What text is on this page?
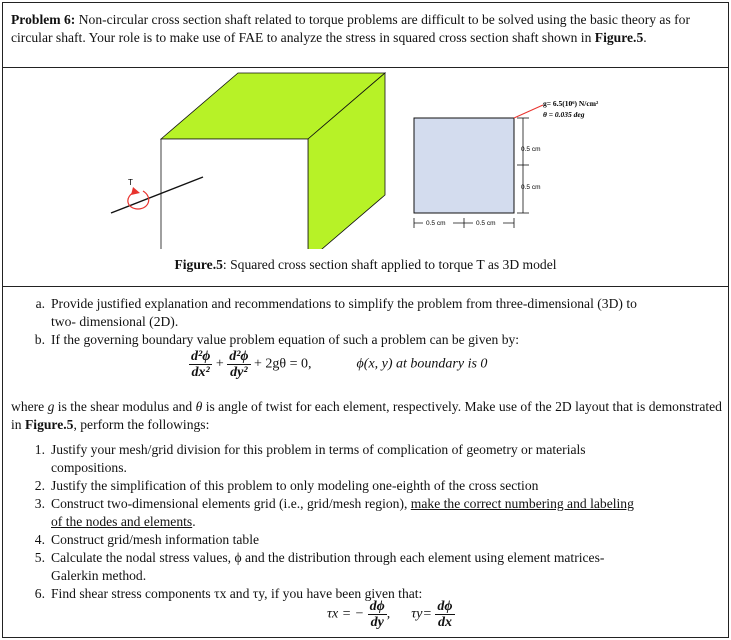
Problem 6: Non-circular cross section shaft related to torque problems are difficult to be solved using the basic theory as for circular shaft. Your role is to make use of FAE to analyze the stress in squared cross section shaft shown in Figure.5.
T
0.5 cm
0.5 cm
0.5 cm	0.5 cm
g= 6.5(10⁶) N/cm²
θ = 0.035 deg
Figure.5: Squared cross section shaft applied to torque T as 3D model
a. Provide justified explanation and recommendations to simplify the problem from three-dimensional (3D) to
two- dimensional (2D).
b. If the governing boundary value problem equation of such a problem can be given by:
$\frac{\text{d²ϕ}}{\text{dx²}} + \frac{\text{d²ϕ}}{\text{dy²}} + 2g\theta = 0$,	ϕ(x, y) at boundary is 0
where g is the shear modulus and θ is angle of twist for each element, respectively. Make use of the 2D layout that is demonstrated in Figure.5, perform the followings:
1. Justify your mesh/grid division for this problem in terms of complication of geometry or materials
compositions.
2. Justify the simplification of this problem to only modeling one-eighth of the cross section
3. Construct two-dimensional elements grid (i.e., grid/mesh region), make the correct numbering and labeling
of the nodes and elements.
4. Construct grid/mesh information table
5. Calculate the nodal stress values, ϕ and the distribution through each element using element matrices-
Galerkin method.
6. Find shear stress components τx and τy, if you have been given that:
τx = − $\frac{d\phi}{dy}$ , $\tau y= \frac{d\phi}{dx}$
